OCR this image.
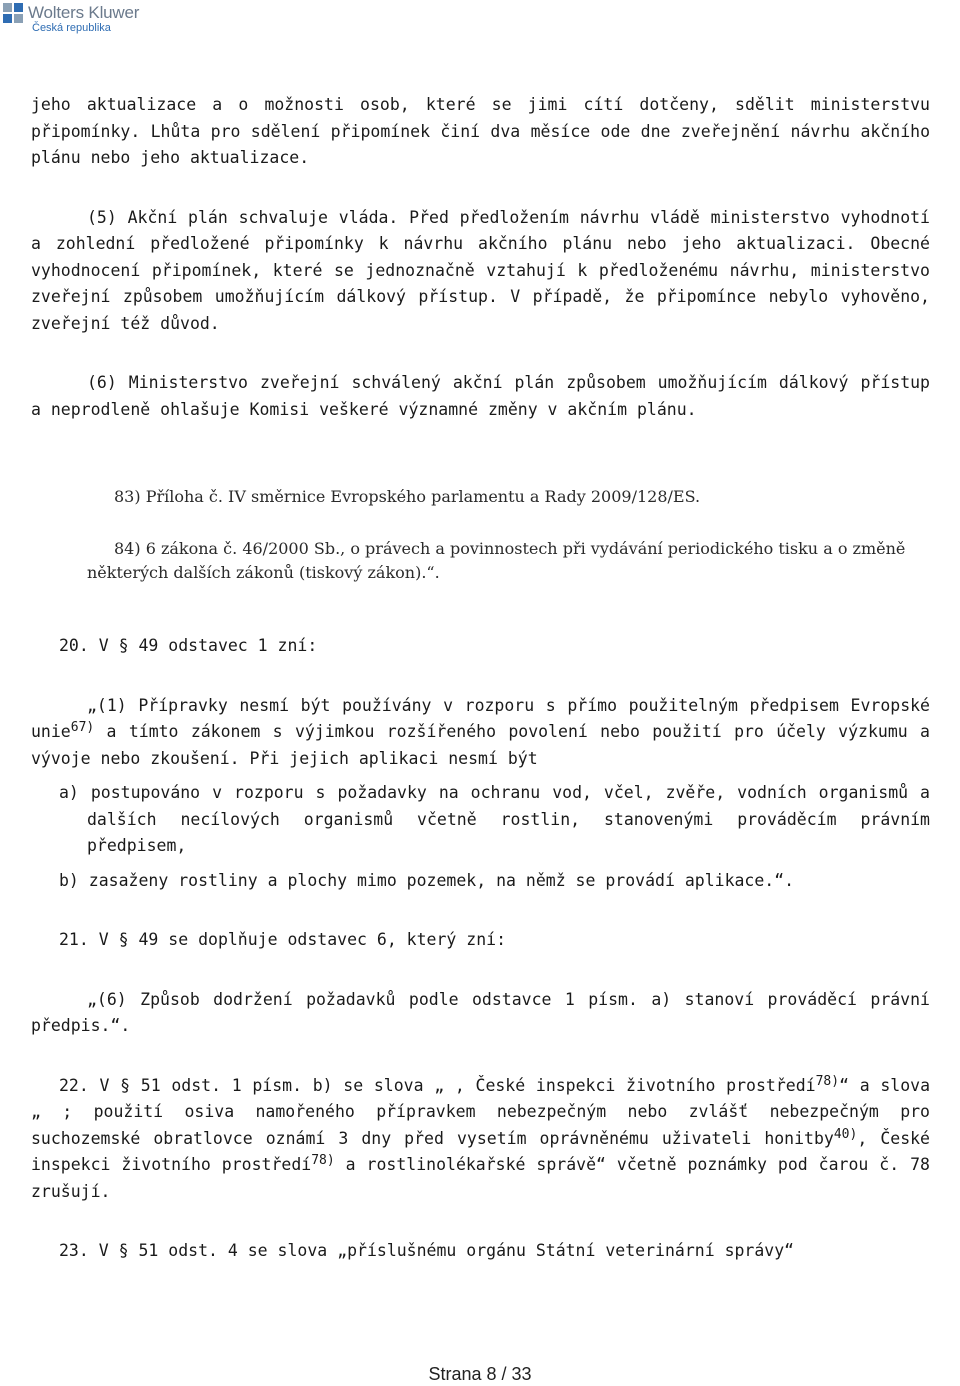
Wolters Kluwer
Česká republika

jeho aktualizace a o možnosti osob, které se jimi cítí dotčeny, sdělit ministerstvu připomínky. Lhůta pro sdělení připomínek činí dva měsíce ode dne zveřejnění návrhu akčního plánu nebo jeho aktualizace.

(5) Akční plán schvaluje vláda. Před předložením návrhu vládě ministerstvo vyhodnotí a zohlední předložené připomínky k návrhu akčního plánu nebo jeho aktualizaci. Obecné vyhodnocení připomínek, které se jednoznačně vztahují k předloženému návrhu, ministerstvo zveřejní způsobem umožňujícím dálkový přístup. V případě, že připomínce nebylo vyhověno, zveřejní též důvod.

(6) Ministerstvo zveřejní schválený akční plán způsobem umožňujícím dálkový přístup a neprodleně ohlašuje Komisi veškeré významné změny v akčním plánu.

83) Příloha č. IV směrnice Evropského parlamentu a Rady 2009/128/ES.

84) 6 zákona č. 46/2000 Sb., o právech a povinnostech při vydávání periodického tisku a o změně některých dalších zákonů (tiskový zákon).“.

20. V § 49 odstavec 1 zní:

„(1) Přípravky nesmí být používány v rozporu s přímo použitelným předpisem Evropské unie$^{67)}$ a tímto zákonem s výjimkou rozšířeného povolení nebo použití pro účely výzkumu a vývoje nebo zkoušení. Při jejich aplikaci nesmí být

a) postupováno v rozporu s požadavky na ochranu vod, včel, zvěře, vodních organismů a dalších necílových organismů včetně rostlin, stanovenými prováděcím právním předpisem,

b) zasaženy rostliny a plochy mimo pozemek, na němž se provádí aplikace.“.

21. V § 49 se doplňuje odstavec 6, který zní:

„(6) Způsob dodržení požadavků podle odstavce 1 písm. a) stanoví prováděcí právní předpis.“.

22. V § 51 odst. 1 písm. b) se slova „ , České inspekci životního prostředí$^{78)}$“ a slova „ ; použití osiva namořeného přípravkem nebezpečným nebo zvlášť nebezpečným pro suchozemské obratlovce oznámí 3 dny před vysetím oprávněnému uživateli honitby$^{40)}$, České inspekci životního prostředí$^{78)}$ a rostlinolékařské správě“ včetně poznámky pod čarou č. 78 zrušují.

23. V § 51 odst. 4 se slova „příslušnému orgánu Státní veterinární správy“

Strana 8 / 33
